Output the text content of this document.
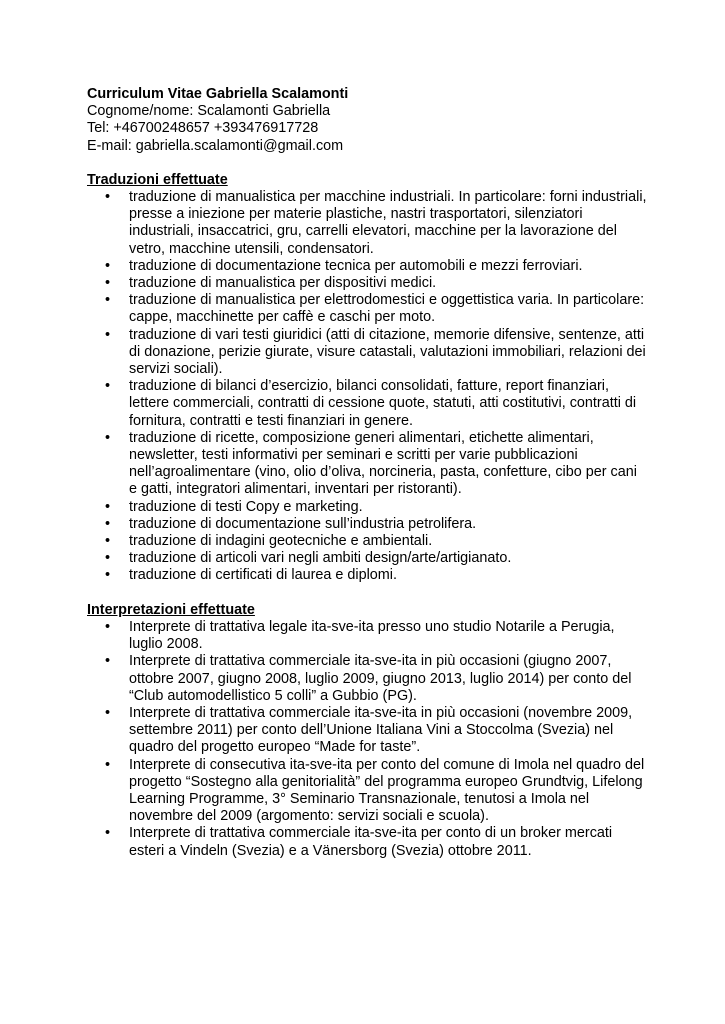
Curriculum Vitae Gabriella Scalamonti

Cognome/nome: Scalamonti Gabriella

Tel: +46700248657 +393476917728

E-mail: gabriella.scalamonti@gmail.com

Traduzioni effettuate

• traduzione di manualistica per macchine industriali. In particolare: forni industriali, presse a iniezione per materie plastiche, nastri trasportatori, silenziatori industriali, insaccatrici, gru, carrelli elevatori, macchine per la lavorazione del vetro, macchine utensili, condensatori.
• traduzione di documentazione tecnica per automobili e mezzi ferroviari.
• traduzione di manualistica per dispositivi medici.
• traduzione di manualistica per elettrodomestici e oggettistica varia. In particolare: cappe, macchinette per caffè e caschi per moto.
• traduzione di vari testi giuridici (atti di citazione, memorie difensive, sentenze, atti di donazione, perizie giurate, visure catastali, valutazioni immobiliari, relazioni dei servizi sociali).
• traduzione di bilanci d’esercizio, bilanci consolidati, fatture, report finanziari, lettere commerciali, contratti di cessione quote, statuti, atti costitutivi, contratti di fornitura, contratti e testi finanziari in genere.
• traduzione di ricette, composizione generi alimentari, etichette alimentari, newsletter, testi informativi per seminari e scritti per varie pubblicazioni nell’agroalimentare (vino, olio d’oliva, norcineria, pasta, confetture, cibo per cani e gatti, integratori alimentari, inventari per ristoranti).
• traduzione di testi Copy e marketing.
• traduzione di documentazione sull’industria petrolifera.
• traduzione di indagini geotecniche e ambientali.
• traduzione di articoli vari negli ambiti design/arte/artigianato.
• traduzione di certificati di laurea e diplomi.

Interpretazioni effettuate

• Interprete di trattativa legale ita-sve-ita presso uno studio Notarile a Perugia, luglio 2008.
• Interprete di trattativa commerciale ita-sve-ita in più occasioni (giugno 2007, ottobre 2007, giugno 2008, luglio 2009, giugno 2013, luglio 2014) per conto del “Club automodellistico 5 colli” a Gubbio (PG).
• Interprete di trattativa commerciale ita-sve-ita in più occasioni (novembre 2009, settembre 2011) per conto dell’Unione Italiana Vini a Stoccolma (Svezia) nel quadro del progetto europeo “Made for taste”.
• Interprete di consecutiva ita-sve-ita per conto del comune di Imola nel quadro del progetto “Sostegno alla genitorialità” del programma europeo Grundtvig, Lifelong Learning Programme, 3° Seminario Transnazionale, tenutosi a Imola nel novembre del 2009 (argomento: servizi sociali e scuola).
• Interprete di trattativa commerciale ita-sve-ita per conto di un broker mercati esteri a Vindeln (Svezia) e a Vänersborg (Svezia) ottobre 2011.
